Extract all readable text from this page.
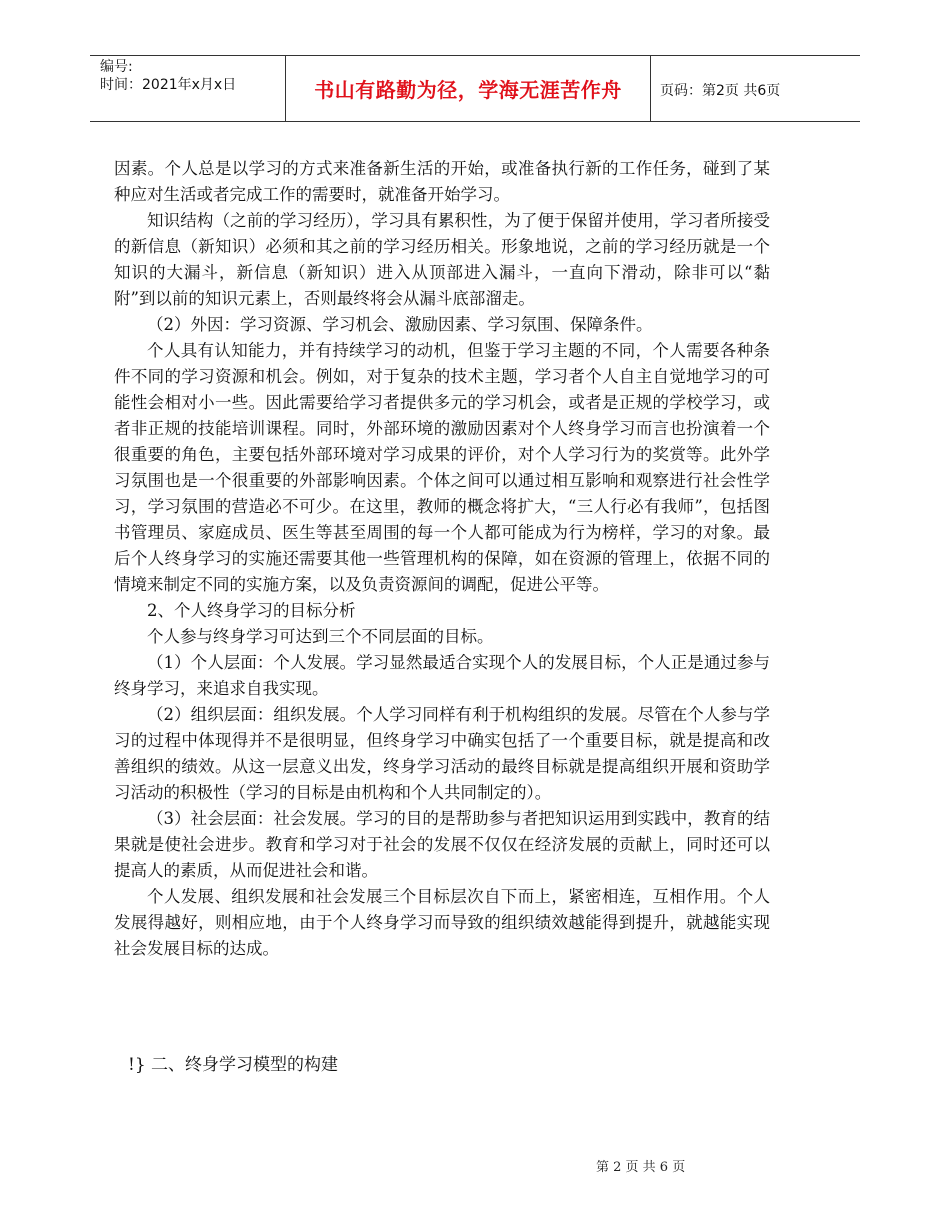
编号:
时间：2021年x月x日	书山有路勤为径，学海无涯苦作舟	页码：第2页 共6页

因素。个人总是以学习的方式来准备新生活的开始，或准备执行新的工作任务，碰到了某种应对生活或者完成工作的需要时，就准备开始学习。

知识结构（之前的学习经历），学习具有累积性，为了便于保留并使用，学习者所接受的新信息（新知识）必须和其之前的学习经历相关。形象地说，之前的学习经历就是一个知识的大漏斗，新信息（新知识）进入从顶部进入漏斗，一直向下滑动，除非可以“黏附”到以前的知识元素上，否则最终将会从漏斗底部溜走。

（2）外因：学习资源、学习机会、激励因素、学习氛围、保障条件。

个人具有认知能力，并有持续学习的动机，但鉴于学习主题的不同，个人需要各种条件不同的学习资源和机会。例如，对于复杂的技术主题，学习者个人自主自觉地学习的可能性会相对小一些。因此需要给学习者提供多元的学习机会，或者是正规的学校学习，或者非正规的技能培训课程。同时，外部环境的激励因素对个人终身学习而言也扮演着一个很重要的角色，主要包括外部环境对学习成果的评价，对个人学习行为的奖赏等。此外学习氛围也是一个很重要的外部影响因素。个体之间可以通过相互影响和观察进行社会性学习，学习氛围的营造必不可少。在这里，教师的概念将扩大，“三人行必有我师”，包括图书管理员、家庭成员、医生等甚至周围的每一个人都可能成为行为榜样，学习的对象。最后个人终身学习的实施还需要其他一些管理机构的保障，如在资源的管理上，依据不同的情境来制定不同的实施方案，以及负责资源间的调配，促进公平等。

2、个人终身学习的目标分析

个人参与终身学习可达到三个不同层面的目标。

（1）个人层面：个人发展。学习显然最适合实现个人的发展目标，个人正是通过参与终身学习，来追求自我实现。

（2）组织层面：组织发展。个人学习同样有利于机构组织的发展。尽管在个人参与学习的过程中体现得并不是很明显，但终身学习中确实包括了一个重要目标，就是提高和改善组织的绩效。从这一层意义出发，终身学习活动的最终目标就是提高组织开展和资助学习活动的积极性（学习的目标是由机构和个人共同制定的）。

（3）社会层面：社会发展。学习的目的是帮助参与者把知识运用到实践中，教育的结果就是使社会进步。教育和学习对于社会的发展不仅仅在经济发展的贡献上，同时还可以提高人的素质，从而促进社会和谐。

个人发展、组织发展和社会发展三个目标层次自下而上，紧密相连，互相作用。个人发展得越好，则相应地，由于个人终身学习而导致的组织绩效越能得到提升，就越能实现社会发展目标的达成。

!} 二、终身学习模型的构建
第 2 页 共 6 页
